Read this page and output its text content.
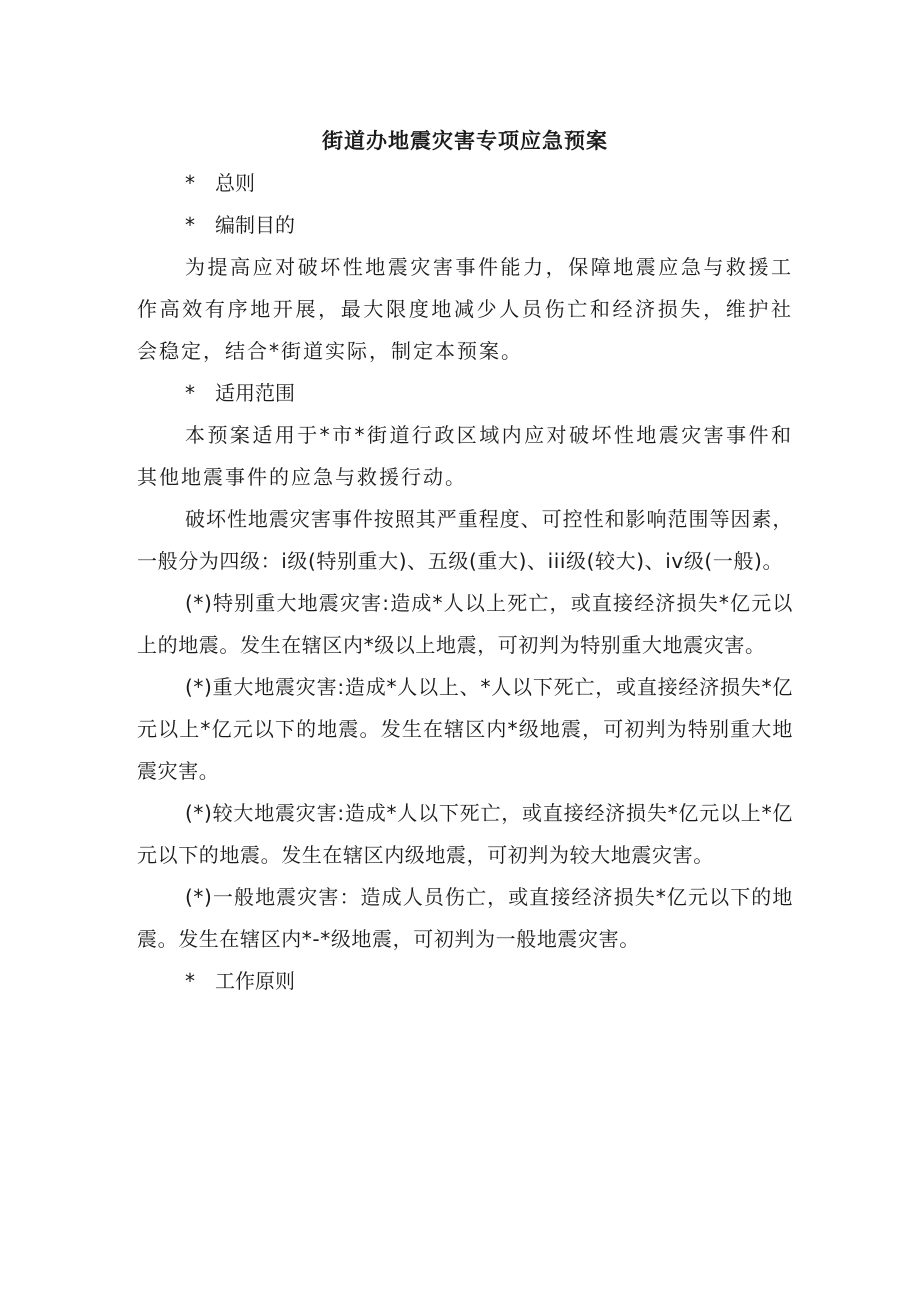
街道办地震灾害专项应急预案

* 总则

* 编制目的

为提高应对破坏性地震灾害事件能力，保障地震应急与救援工作高效有序地开展，最大限度地减少人员伤亡和经济损失，维护社会稳定，结合*街道实际，制定本预案。

* 适用范围

本预案适用于*市*街道行政区域内应对破坏性地震灾害事件和其他地震事件的应急与救援行动。

破坏性地震灾害事件按照其严重程度、可控性和影响范围等因素，一般分为四级：i级(特别重大)、五级(重大)、iii级(较大)、iv级(一般)。

(*)特别重大地震灾害:造成*人以上死亡，或直接经济损失*亿元以上的地震。发生在辖区内*级以上地震，可初判为特别重大地震灾害。

(*)重大地震灾害:造成*人以上、*人以下死亡，或直接经济损失*亿元以上*亿元以下的地震。发生在辖区内*级地震，可初判为特别重大地震灾害。

(*)较大地震灾害:造成*人以下死亡，或直接经济损失*亿元以上*亿元以下的地震。发生在辖区内级地震，可初判为较大地震灾害。

(*)一般地震灾害：造成人员伤亡，或直接经济损失*亿元以下的地震。发生在辖区内*-*级地震，可初判为一般地震灾害。

* 工作原则
